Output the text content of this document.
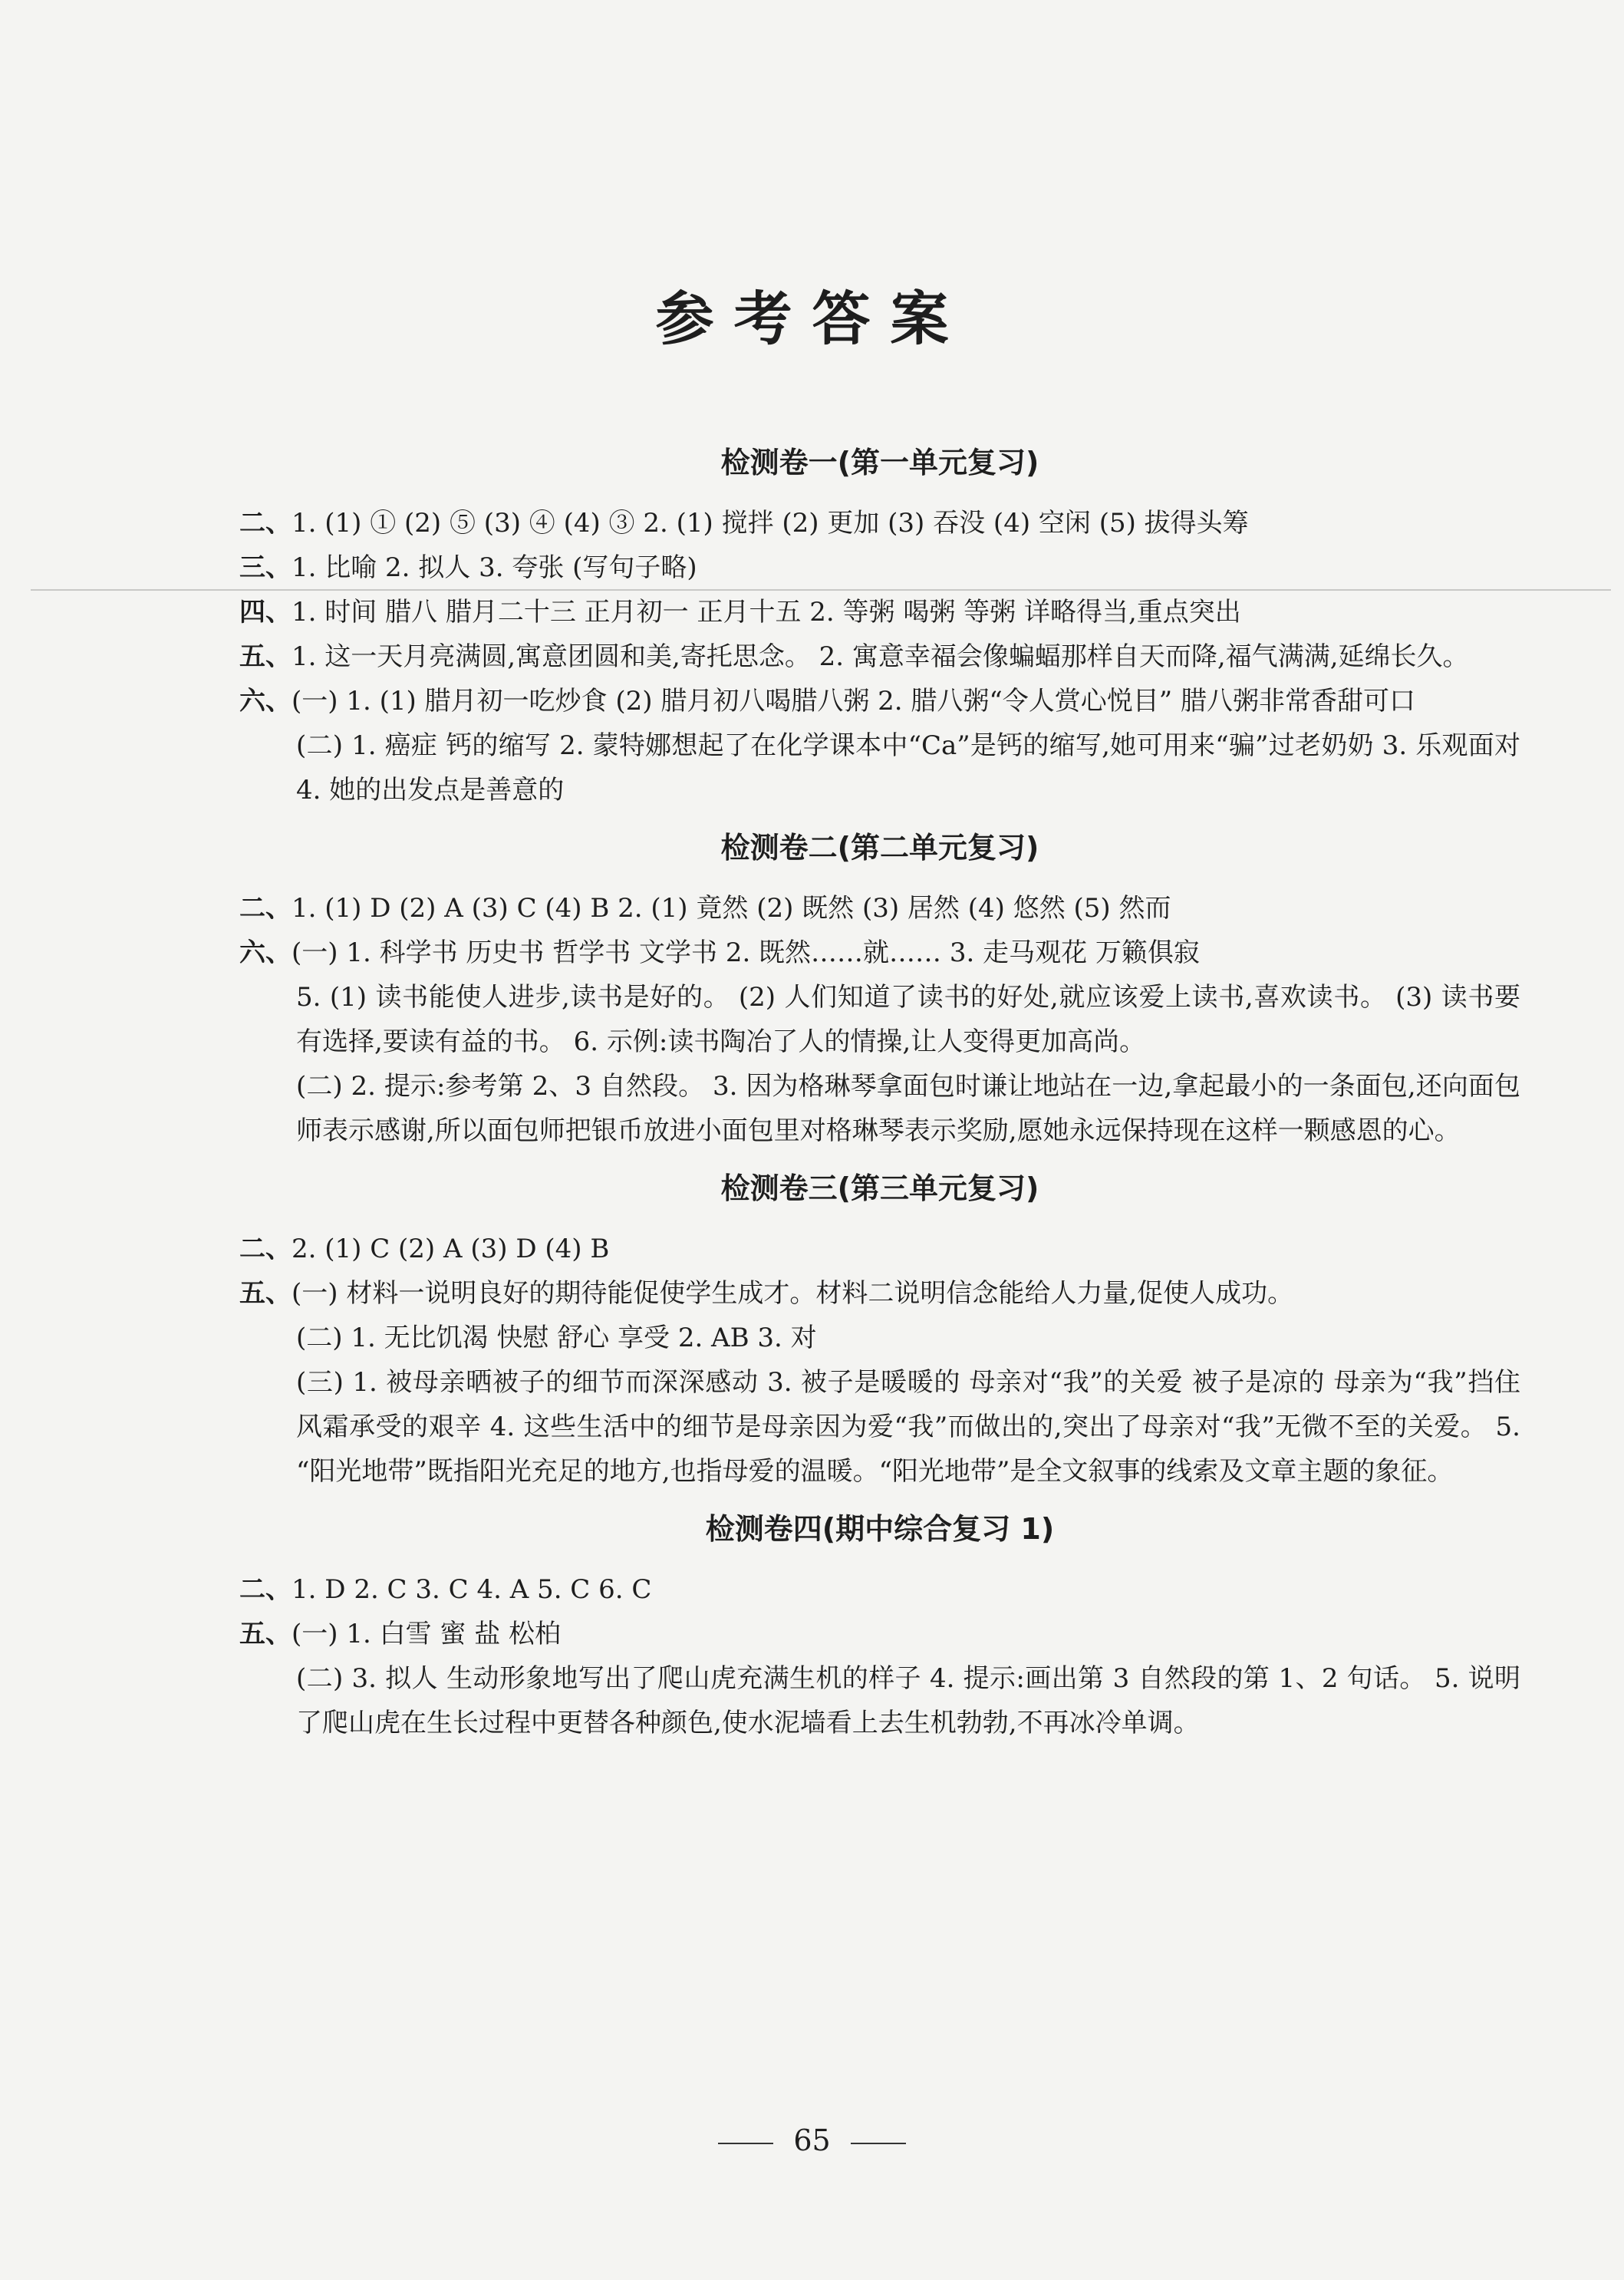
参考答案
检测卷一(第一单元复习)
二、1. (1) ① (2) ⑤ (3) ④ (4) ③ 2. (1) 搅拌 (2) 更加 (3) 吞没 (4) 空闲 (5) 拔得头筹
三、1. 比喻 2. 拟人 3. 夸张 (写句子略)
四、1. 时间 腊八 腊月二十三 正月初一 正月十五 2. 等粥 喝粥 等粥 详略得当,重点突出
五、1. 这一天月亮满圆,寓意团圆和美,寄托思念。 2. 寓意幸福会像蝙蝠那样自天而降,福气满满,延绵长久。
六、(一) 1. (1) 腊月初一吃炒食 (2) 腊月初八喝腊八粥 2. 腊八粥“令人赏心悦目” 腊八粥非常香甜可口
(二) 1. 癌症 钙的缩写 2. 蒙特娜想起了在化学课本中“Ca”是钙的缩写,她可用来“骗”过老奶奶 3. 乐观面对 4. 她的出发点是善意的
检测卷二(第二单元复习)
二、1. (1) D (2) A (3) C (4) B 2. (1) 竟然 (2) 既然 (3) 居然 (4) 悠然 (5) 然而
六、(一) 1. 科学书 历史书 哲学书 文学书 2. 既然……就…… 3. 走马观花 万籁俱寂
5. (1) 读书能使人进步,读书是好的。 (2) 人们知道了读书的好处,就应该爱上读书,喜欢读书。 (3) 读书要有选择,要读有益的书。 6. 示例:读书陶冶了人的情操,让人变得更加高尚。
(二) 2. 提示:参考第 2、3 自然段。 3. 因为格琳琴拿面包时谦让地站在一边,拿起最小的一条面包,还向面包师表示感谢,所以面包师把银币放进小面包里对格琳琴表示奖励,愿她永远保持现在这样一颗感恩的心。
检测卷三(第三单元复习)
二、2. (1) C (2) A (3) D (4) B
五、(一) 材料一说明良好的期待能促使学生成才。材料二说明信念能给人力量,促使人成功。
(二) 1. 无比饥渴 快慰 舒心 享受 2. AB 3. 对
(三) 1. 被母亲晒被子的细节而深深感动 3. 被子是暖暖的 母亲对“我”的关爱 被子是凉的 母亲为“我”挡住风霜承受的艰辛 4. 这些生活中的细节是母亲因为爱“我”而做出的,突出了母亲对“我”无微不至的关爱。 5. “阳光地带”既指阳光充足的地方,也指母爱的温暖。“阳光地带”是全文叙事的线索及文章主题的象征。
检测卷四(期中综合复习 1)
二、1. D 2. C 3. C 4. A 5. C 6. C
五、(一) 1. 白雪 蜜 盐 松柏
(二) 3. 拟人 生动形象地写出了爬山虎充满生机的样子 4. 提示:画出第 3 自然段的第 1、2 句话。 5. 说明了爬山虎在生长过程中更替各种颜色,使水泥墙看上去生机勃勃,不再冰冷单调。
65
